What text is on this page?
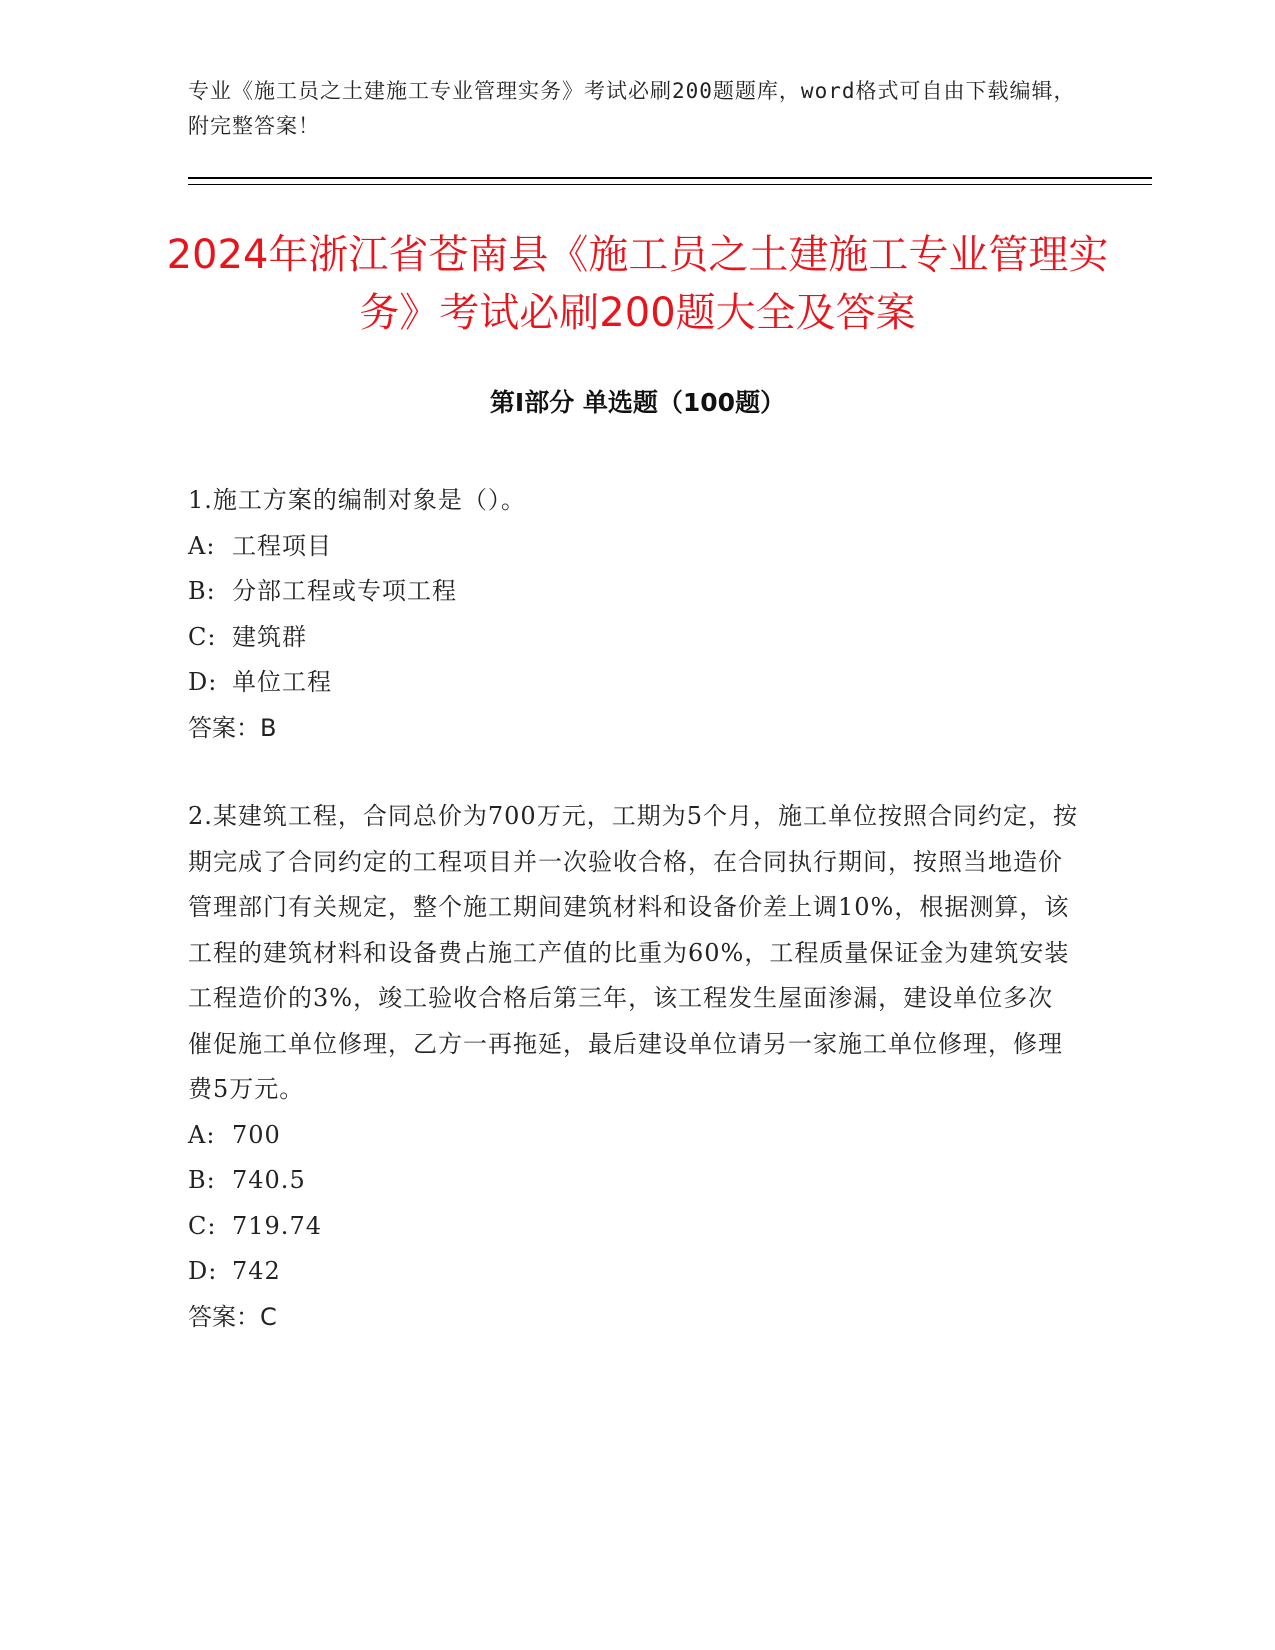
专业《施工员之土建施工专业管理实务》考试必刷200题题库，word格式可自由下载编辑，附完整答案！
2024年浙江省苍南县《施工员之土建施工专业管理实务》考试必刷200题大全及答案
第Ⅰ部分 单选题（100题）

1.施工方案的编制对象是（）。

A: 工程项目

B: 分部工程或专项工程

C: 建筑群

D: 单位工程

答案：B

2.某建筑工程，合同总价为700万元，工期为5个月，施工单位按照合同约定，按期完成了合同约定的工程项目并一次验收合格，在合同执行期间，按照当地造价管理部门有关规定，整个施工期间建筑材料和设备价差上调10%，根据测算，该工程的建筑材料和设备费占施工产值的比重为60%，工程质量保证金为建筑安装工程造价的3%，竣工验收合格后第三年，该工程发生屋面渗漏，建设单位多次催促施工单位修理，乙方一再拖延，最后建设单位请另一家施工单位修理，修理费5万元。

A: 700

B: 740.5

C: 719.74

D: 742

答案：C
